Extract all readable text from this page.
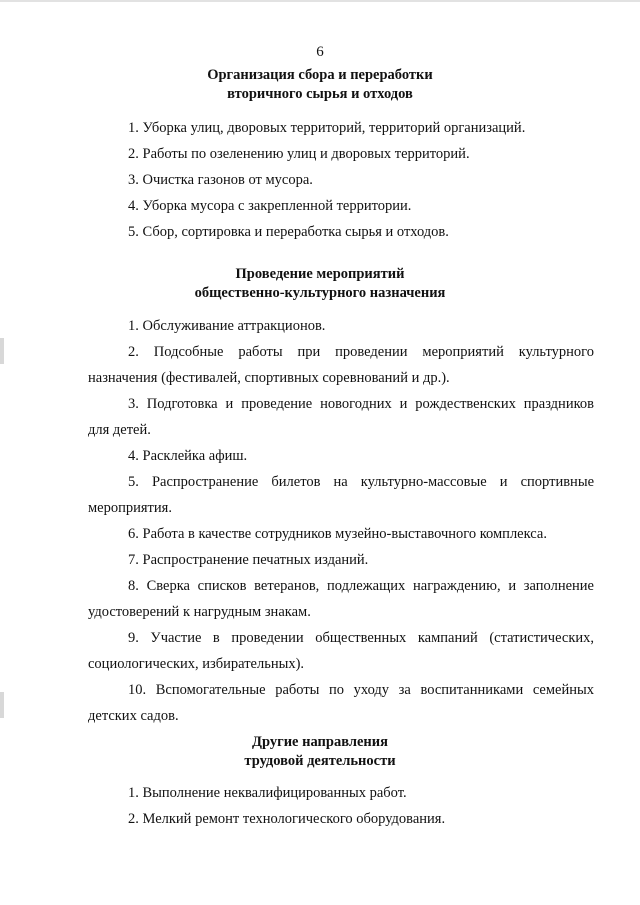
6
Организация сбора и переработки
вторичного сырья и отходов
1. Уборка улиц, дворовых территорий, территорий организаций.
2. Работы по озеленению улиц и дворовых территорий.
3. Очистка газонов от мусора.
4. Уборка мусора с закрепленной территории.
5. Сбор, сортировка и переработка сырья и отходов.
Проведение мероприятий
общественно-культурного назначения
1. Обслуживание аттракционов.
2. Подсобные работы при проведении мероприятий культурного
назначения (фестивалей, спортивных соревнований и др.).
3. Подготовка и проведение новогодних и рождественских праздников
для детей.
4. Расклейка афиш.
5. Распространение билетов на культурно-массовые и спортивные
мероприятия.
6. Работа в качестве сотрудников музейно-выставочного комплекса.
7. Распространение печатных изданий.
8. Сверка списков ветеранов, подлежащих награждению, и заполнение
удостоверений к нагрудным знакам.
9. Участие в проведении общественных кампаний (статистических,
социологических, избирательных).
10. Вспомогательные работы по уходу за воспитанниками семейных
детских садов.
Другие направления
трудовой деятельности
1. Выполнение неквалифицированных работ.
2. Мелкий ремонт технологического оборудования.
